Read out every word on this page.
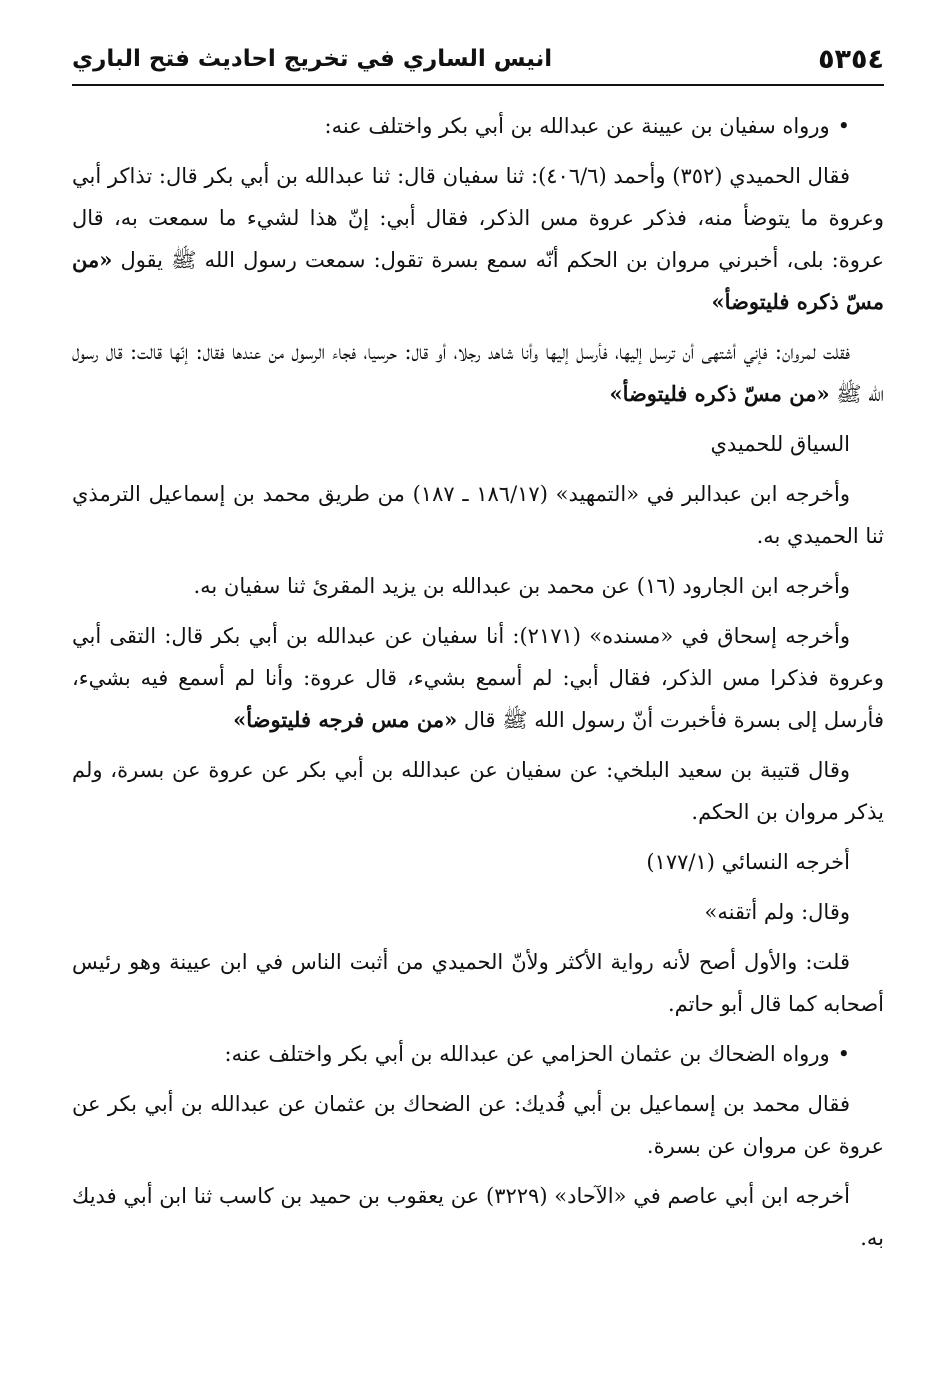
٥٣٥٤
انيس الساري في تخريج احاديث فتح الباري

• ورواه سفيان بن عيينة عن عبدالله بن أبي بكر واختلف عنه:

فقال الحميدي (٣٥٢) وأحمد (٤٠٦/٦): ثنا سفيان قال: ثنا عبدالله بن أبي بكر قال: تذاكر أبي وعروة ما يتوضأ منه، فذكر عروة مس الذكر، فقال أبي: إنّ هذا لشيء ما سمعت به، قال عروة: بلى، أخبرني مروان بن الحكم أنّه سمع بسرة تقول: سمعت رسول الله ﷺ يقول «من مسّ ذكره فليتوضأ»

فقلت لمروان: فإني أشتهى أن ترسل إليها، فأرسل إليها وأنا شاهد رجلا، أو قال: حرسيا، فجاء الرسول من عندها فقال: إنّها قالت: قال رسول الله ﷺ «من مسّ ذكره فليتوضأ»

السياق للحميدي

وأخرجه ابن عبدالبر في «التمهيد» (١٨٦/١٧ ـ ١٨٧) من طريق محمد بن إسماعيل الترمذي ثنا الحميدي به.

وأخرجه ابن الجارود (١٦) عن محمد بن عبدالله بن يزيد المقرئ ثنا سفيان به.

وأخرجه إسحاق في «مسنده» (٢١٧١): أنا سفيان عن عبدالله بن أبي بكر قال: التقى أبي وعروة فذكرا مس الذكر، فقال أبي: لم أسمع بشيء، قال عروة: وأنا لم أسمع فيه بشيء، فأرسل إلى بسرة فأخبرت أنّ رسول الله ﷺ قال «من مس فرجه فليتوضأ»

وقال قتيبة بن سعيد البلخي: عن سفيان عن عبدالله بن أبي بكر عن عروة عن بسرة، ولم يذكر مروان بن الحكم.

أخرجه النسائي (١٧٧/١)

وقال: ولم أتقنه»

قلت: والأول أصح لأنه رواية الأكثر ولأنّ الحميدي من أثبت الناس في ابن عيينة وهو رئيس أصحابه كما قال أبو حاتم.

• ورواه الضحاك بن عثمان الحزامي عن عبدالله بن أبي بكر واختلف عنه:

فقال محمد بن إسماعيل بن أبي فُديك: عن الضحاك بن عثمان عن عبدالله بن أبي بكر عن عروة عن مروان عن بسرة.

أخرجه ابن أبي عاصم في «الآحاد» (٣٢٢٩) عن يعقوب بن حميد بن كاسب ثنا ابن أبي فديك به.
